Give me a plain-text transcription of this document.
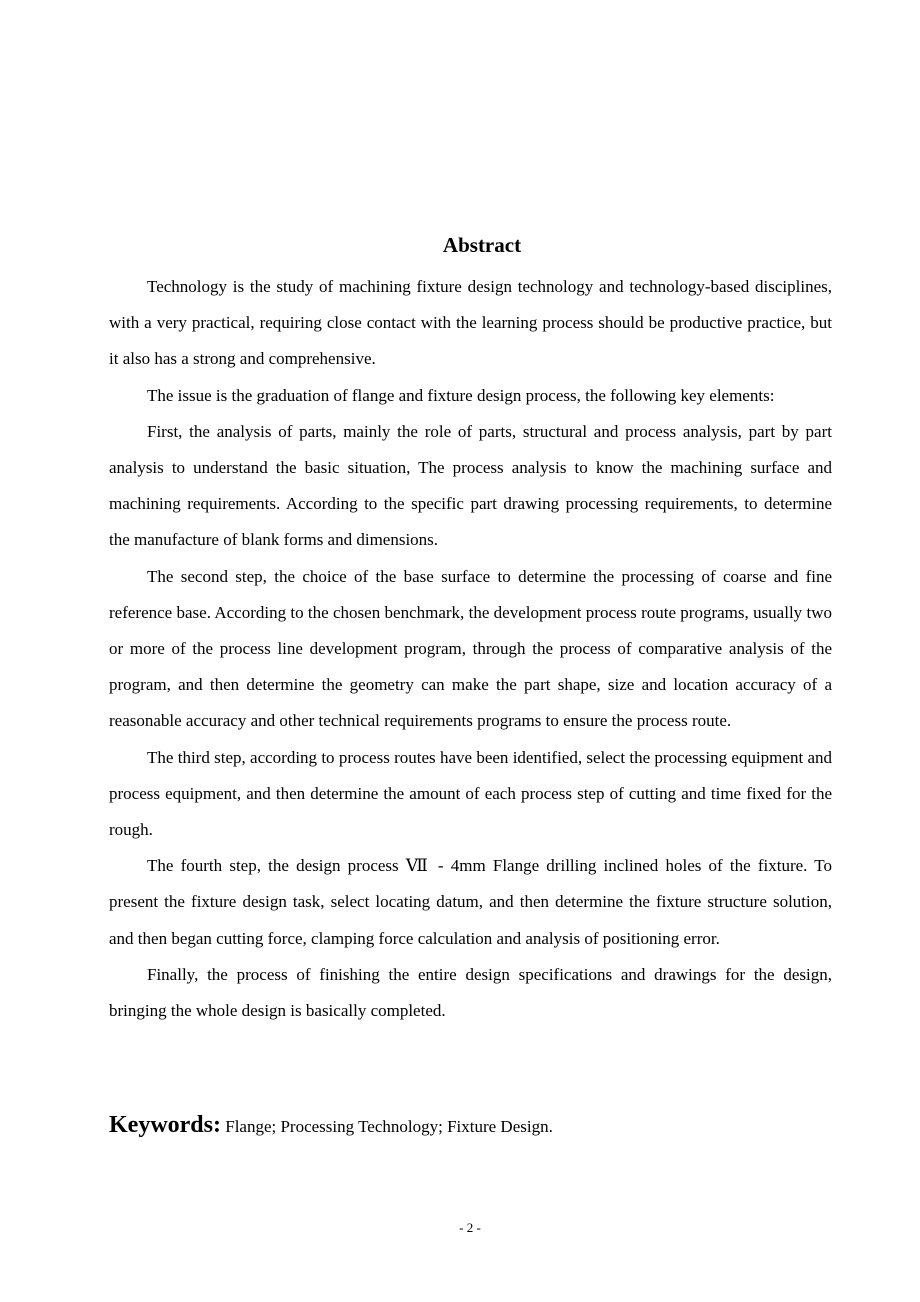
Abstract

Technology is the study of machining fixture design technology and technology-based disciplines, with a very practical, requiring close contact with the learning process should be productive practice, but it also has a strong and comprehensive.

The issue is the graduation of flange and fixture design process, the following key elements:

First, the analysis of parts, mainly the role of parts, structural and process analysis, part by part analysis to understand the basic situation, The process analysis to know the machining surface and machining requirements. According to the specific part drawing processing requirements, to determine the manufacture of blank forms and dimensions.

The second step, the choice of the base surface to determine the processing of coarse and fine reference base. According to the chosen benchmark, the development process route programs, usually two or more of the process line development program, through the process of comparative analysis of the program, and then determine the geometry can make the part shape, size and location accuracy of a reasonable accuracy and other technical requirements programs to ensure the process route.

The third step, according to process routes have been identified, select the processing equipment and process equipment, and then determine the amount of each process step of cutting and time fixed for the rough.

The fourth step, the design process Ⅶ - 4mm Flange drilling inclined holes of the fixture. To present the fixture design task, select locating datum, and then determine the fixture structure solution, and then began cutting force, clamping force calculation and analysis of positioning error.

Finally, the process of finishing the entire design specifications and drawings for the design, bringing the whole design is basically completed.

Keywords: Flange; Processing Technology; Fixture Design.
- 2 -
